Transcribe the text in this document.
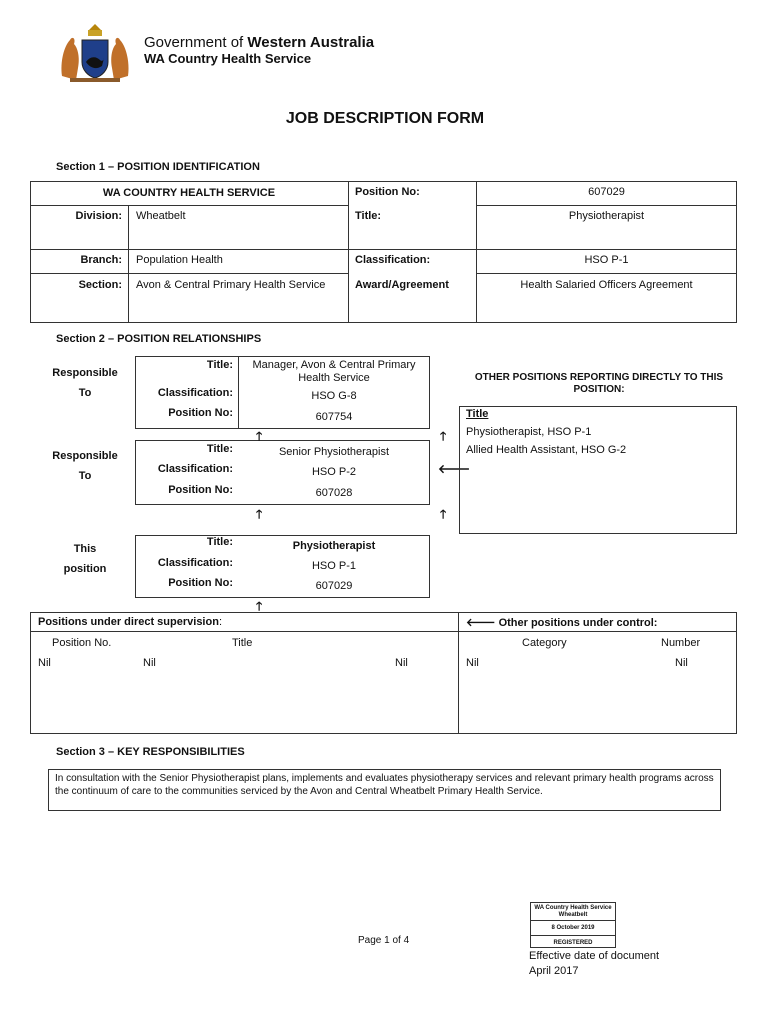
Government of Western Australia
WA Country Health Service
JOB DESCRIPTION FORM
Section 1 – POSITION IDENTIFICATION
WA COUNTRY HEALTH SERVICE	Position No:	607029
Division: Wheatbelt	Title:	Physiotherapist
Branch: Population Health	Classification:	HSO P-1
Section: Avon & Central Primary Health Service	Award/Agreement	Health Salaried Officers Agreement
Section 2 – POSITION RELATIONSHIPS
Responsible
To
Responsible
To
This
position
Title:	Manager, Avon & Central Primary Health Service
Classification:	HSO G-8
Position No:	607754
Title:	Senior Physiotherapist
Classification:	HSO P-2
Position No:	607028
Title:	Physiotherapist
Classification:	HSO P-1
Position No:	607029
🡑
🡑
🡑
🡑
🡐
🡑
OTHER POSITIONS REPORTING DIRECTLY TO THIS POSITION:
Title
Physiotherapist, HSO P-1
Allied Health Assistant, HSO G-2
Positions under direct supervision:	🡐 Other positions under control:
Position No.	Title	Category	Number
Nil	Nil	Nil	Nil	Nil
Section 3 – KEY RESPONSIBILITIES
In consultation with the Senior Physiotherapist plans, implements and evaluates physiotherapy services and relevant primary health programs across the continuum of care to the communities serviced by the Avon and Central Wheatbelt Primary Health Service.
WA Country Health Service
Wheatbelt
8 October 2019
REGISTERED
Page 1 of 4
Effective date of document
April 2017
